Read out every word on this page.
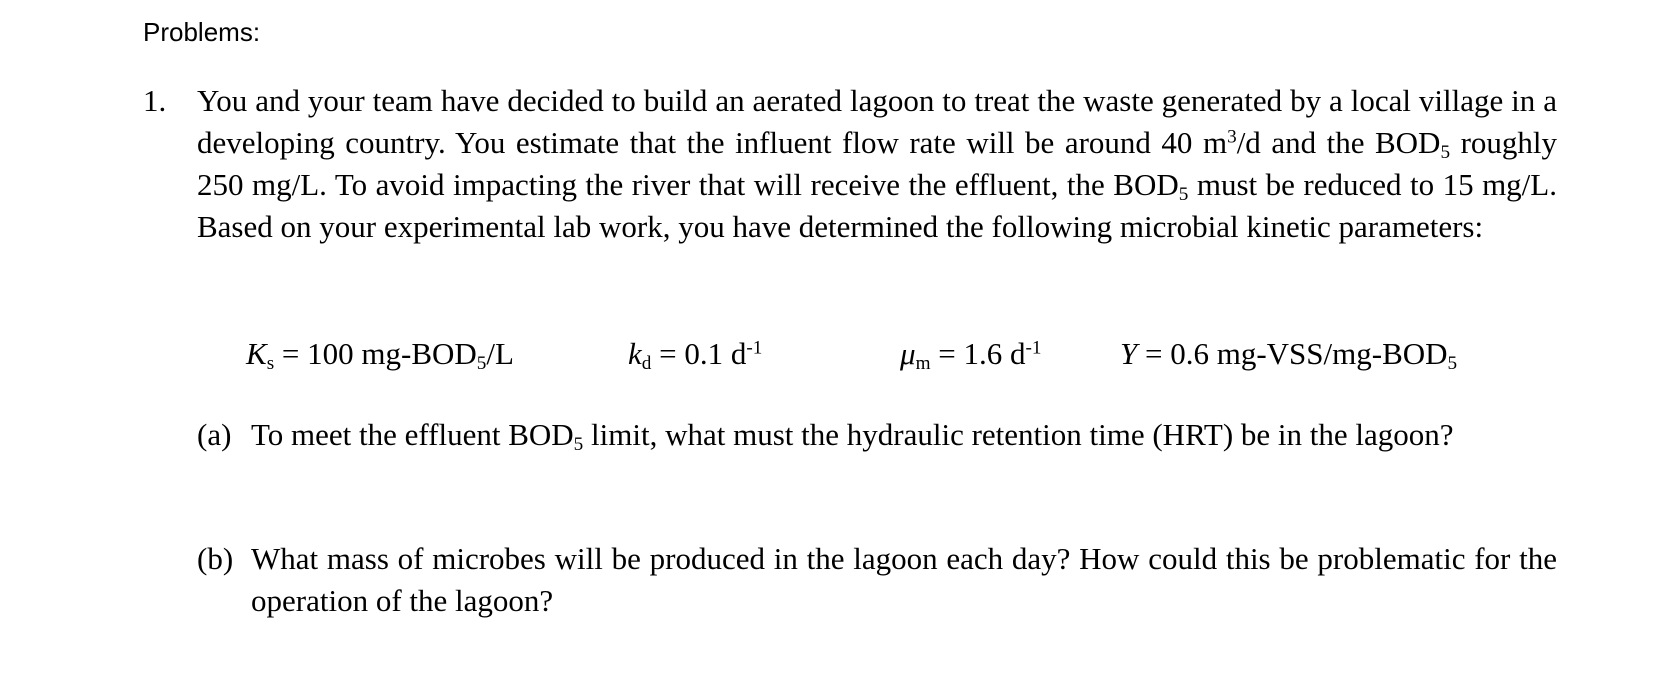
Problems:
1. You and your team have decided to build an aerated lagoon to treat the waste generated by a local village in a developing country. You estimate that the influent flow rate will be around 40 $m^3/d$ and the $BOD_5$ roughly 250 mg/L. To avoid impacting the river that will receive the effluent, the $BOD_5$ must be reduced to 15 mg/L. Based on your experimental lab work, you have determined the following microbial kinetic parameters:

$K_s = 100$ $mg-BOD_5/L$	$k_d = 0.1$ $d^{-1}$	$\mu_m = 1.6$ $d^{-1}$	Y = 0.6 $mg-VSS/mg-BOD_5$
(a) To meet the effluent $BOD_5$ limit, what must the hydraulic retention time (HRT) be in the lagoon?

(b) What mass of microbes will be produced in the lagoon each day? How could this be problematic for the operation of the lagoon?
